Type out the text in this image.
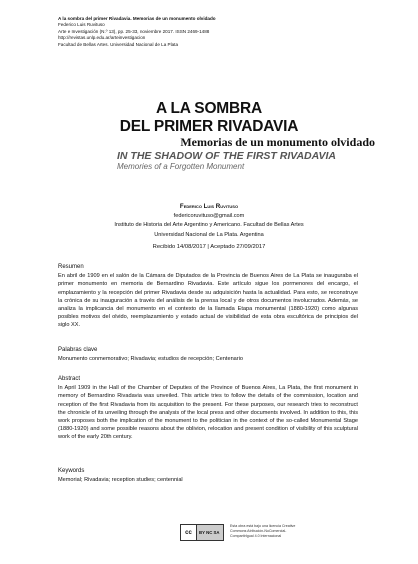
A la sombra del primer Rivadavia. Memorias de un monumento olvidado
Federico Luis Ruvituso
Arte e Investigación (N.º 13), pp. 25-33, noviembre 2017. ISSN 2469-1488
http://revistas.unlp.edu.ar/arteinvestigacion
Facultad de Bellas Artes. Universidad Nacional de La Plata
A LA SOMBRA
DEL PRIMER RIVADAVIA
Memorias de un monumento olvidado
IN THE SHADOW OF THE FIRST RIVADAVIA
Memories of a Forgotten Monument
Federico Luis Ruvituso
federicoruvituso@gmail.com
Instituto de Historia del Arte Argentino y Americano. Facultad de Bellas Artes
Universidad Nacional de La Plata. Argentina
Recibido 14/08/2017 | Aceptado 27/09/2017
Resumen

En abril de 1909 en el salón de la Cámara de Diputados de la Provincia de Buenos Aires de La Plata se inauguraba el primer monumento en memoria de Bernardino Rivadavia. Este artículo sigue los pormenores del encargo, el emplazamiento y la recepción del primer Rivadavia desde su adquisición hasta la actualidad. Para esto, se reconstruye la crónica de su inauguración a través del análisis de la prensa local y de otros documentos involucrados. Además, se analiza la implicancia del monumento en el contexto de la llamada Etapa monumental (1880-1920) como algunas posibles motivos del olvido, reemplazamiento y estado actual de visibilidad de esta obra escultórica de principios del siglo XX.

Palabras clave

Monumento conmemorativo; Rivadavia; estudios de recepción; Centenario

Abstract

In April 1909 in the Hall of the Chamber of Deputies of the Province of Buenos Aires, La Plata, the first monument in memory of Bernardino Rivadavia was unveiled. This article tries to follow the details of the commission, location and reception of the first Rivadavia from its acquisition to the present. For these purposes, our research tries to reconstruct the chronicle of its unveiling through the analysis of the local press and other documents involved. In addition to this, this work proposes both the implication of the monument to the politician in the context of the so-called Monumental Stage (1880-1920) and some possible reasons about the oblivion, relocation and present condition of visibility of this sculptural work of the early 20th century.

Keywords

Memorial; Rivadavia; reception studies; centennial

cc	BY NC SA
Esta obra está bajo una licencia Creative Commons Atribución-NoComercial-CompartirIgual 4.0 Internacional
